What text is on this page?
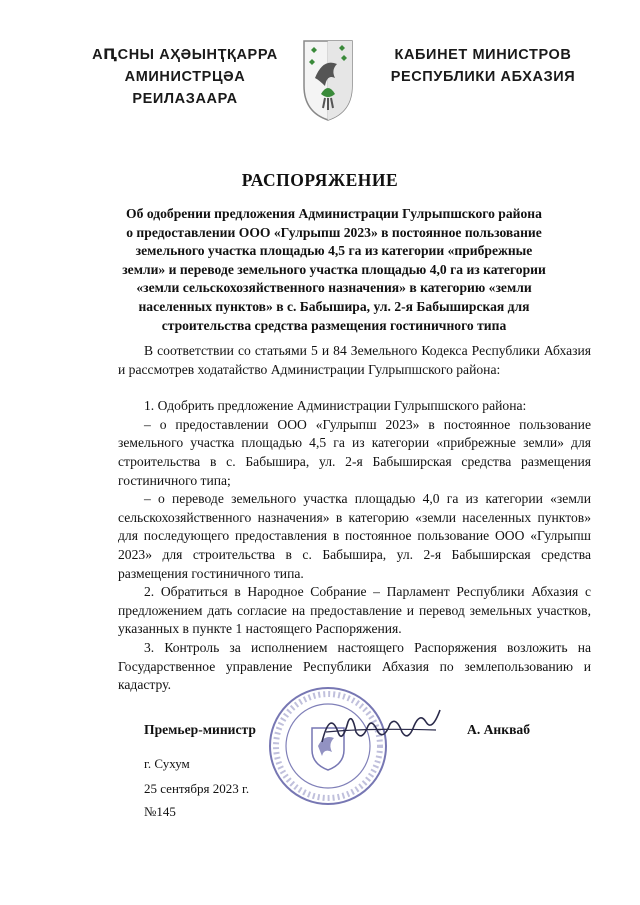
АԤСНЫ АҲӘЫНҬҚАРРА
АМИНИСТРЦӘА РЕИЛАЗААРА
КАБИНЕТ МИНИСТРОВ
РЕСПУБЛИКИ АБХАЗИЯ
РАСПОРЯЖЕНИЕ
Об одобрении предложения Администрации Гулрыпшского района
о предоставлении ООО «Гулрыпш 2023» в постоянное пользование
земельного участка площадью 4,5 га из категории «прибрежные
земли» и переводе земельного участка площадью 4,0 га из категории
«земли сельскохозяйственного назначения» в категорию «земли
населенных пунктов» в с. Бабышира, ул. 2-я Бабыширская для
строительства средства размещения гостиничного типа

В соответствии со статьями 5 и 84 Земельного Кодекса Республики Абхазия и рассмотрев ходатайство Администрации Гулрыпшского района:

1. Одобрить предложение Администрации Гулрыпшского района:

– о предоставлении ООО «Гулрыпш 2023» в постоянное пользование земельного участка площадью 4,5 га из категории «прибрежные земли» для строительства в с. Бабышира, ул. 2-я Бабыширская средства размещения гостиничного типа;

– о переводе земельного участка площадью 4,0 га из категории «земли сельскохозяйственного назначения» в категорию «земли населенных пунктов» для последующего предоставления в постоянное пользование ООО «Гулрыпш 2023» для строительства в с. Бабышира, ул. 2-я Бабыширская средства размещения гостиничного типа.

2. Обратиться в Народное Собрание – Парламент Республики Абхазия с предложением дать согласие на предоставление и перевод земельных участков, указанных в пункте 1 настоящего Распоряжения.

3. Контроль за исполнением настоящего Распоряжения возложить на Государственное управление Республики Абхазия по землепользованию и кадастру.

Премьер-министр	А. Анкваб
г. Сухум
25 сентября 2023 г.
№145
